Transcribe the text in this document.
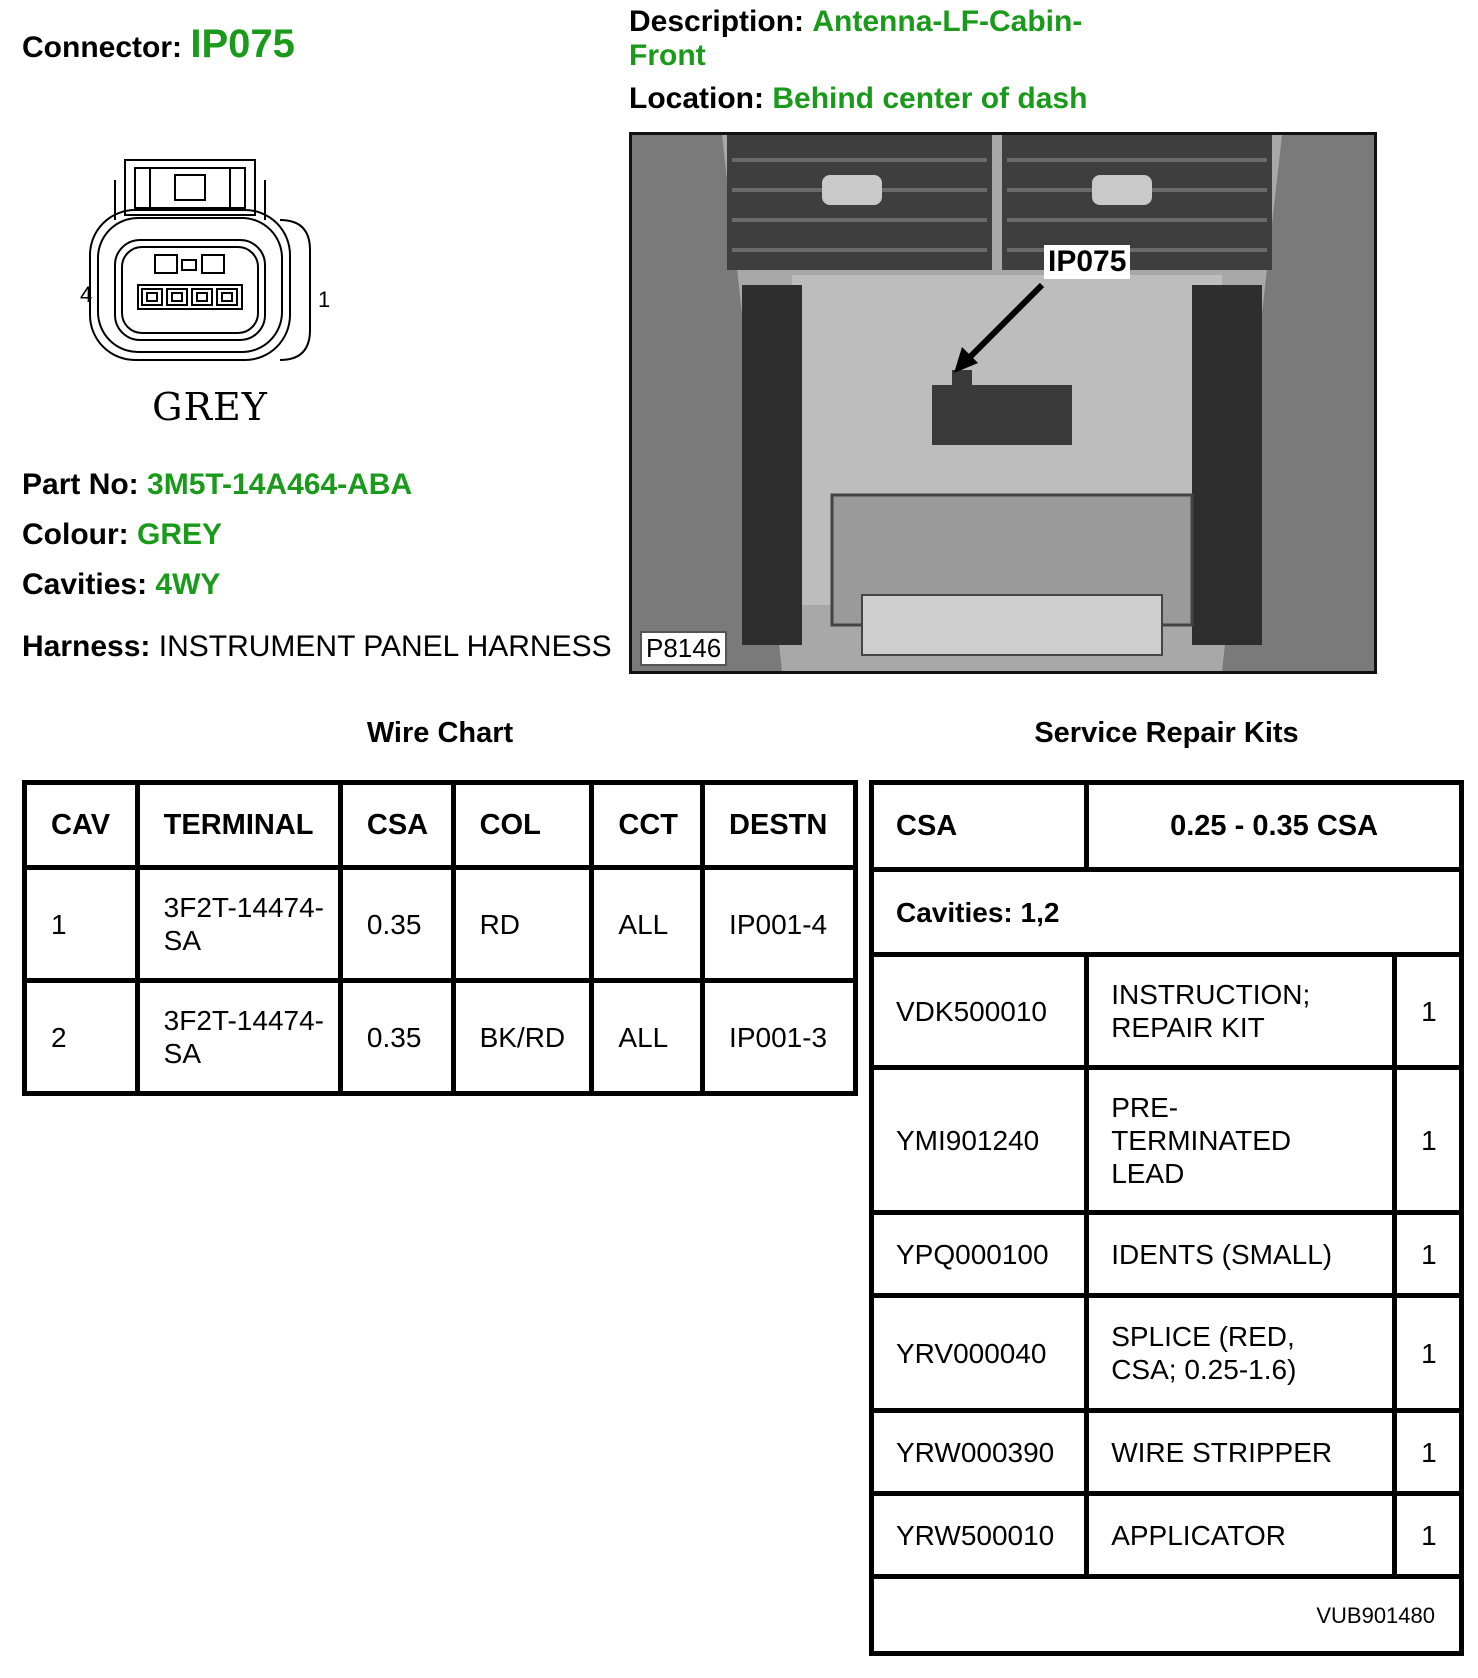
Connector: IP075
Description: Antenna-LF-Cabin-Front
Location: Behind center of dash
4	1
GREY
Part No: 3M5T-14A464-ABA
Colour: GREY
Cavities: 4WY
Harness: INSTRUMENT PANEL HARNESS
IP075
P8146
Wire Chart	Service Repair Kits
CAV	TERMINAL	CSA	COL	CCT	DESTN
1	3F2T-14474-SA	0.35	RD	ALL	IP001-4
2	3F2T-14474-SA	0.35	BK/RD	ALL	IP001-3
CSA	0.25 - 0.35 CSA	
Cavities: 1,2		
VDK500010	INSTRUCTION; REPAIR KIT	1
YMI901240	PRE-TERMINATED LEAD	1
YPQ000100	IDENTS (SMALL)	1
YRV000040	SPLICE (RED, CSA; 0.25-1.6)	1
YRW000390	WIRE STRIPPER	1
YRW500010	APPLICATOR	1
VUB901480		
